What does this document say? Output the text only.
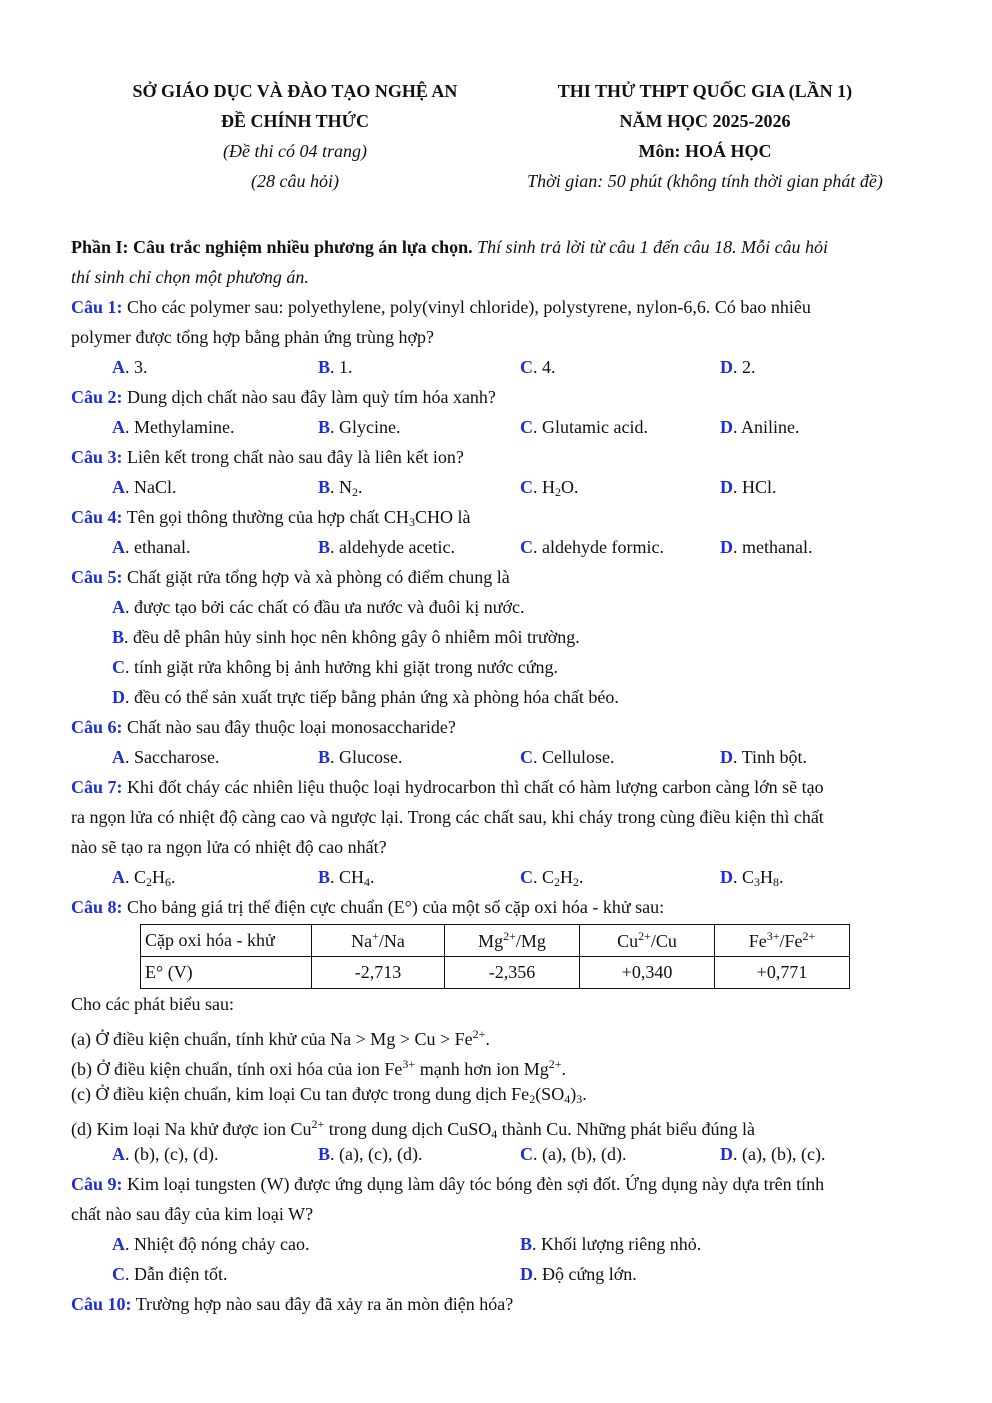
SỞ GIÁO DỤC VÀ ĐÀO TẠO NGHỆ AN
ĐỀ CHÍNH THỨC
(Đề thi có 04 trang)
(28 câu hỏi)
THI THỬ THPT QUỐC GIA (LẦN 1)
NĂM HỌC 2025-2026
Môn: HOÁ HỌC
Thời gian: 50 phút (không tính thời gian phát đề)
Phần I: Câu trắc nghiệm nhiều phương án lựa chọn. Thí sinh trả lời từ câu 1 đến câu 18. Mỗi câu hỏi
thí sinh chỉ chọn một phương án.
Câu 1: Cho các polymer sau: polyethylene, poly(vinyl chloride), polystyrene, nylon-6,6. Có bao nhiêu
polymer được tổng hợp bằng phản ứng trùng hợp?
A. 3.	B. 1.	C. 4.	D. 2.
Câu 2: Dung dịch chất nào sau đây làm quỳ tím hóa xanh?
A. Methylamine.	B. Glycine.	C. Glutamic acid.	D. Aniline.
Câu 3: Liên kết trong chất nào sau đây là liên kết ion?
A. NaCl.	B. $N_2$.	C. $H_2O$.	D. HCl.
Câu 4: Tên gọi thông thường của hợp chất $CH_3CHO$ là
A. ethanal.	B. aldehyde acetic.	C. aldehyde formic.	D. methanal.
Câu 5: Chất giặt rửa tổng hợp và xà phòng có điểm chung là
A. được tạo bởi các chất có đầu ưa nước và đuôi kị nước.
B. đều dễ phân hủy sinh học nên không gây ô nhiễm môi trường.
C. tính giặt rửa không bị ảnh hưởng khi giặt trong nước cứng.
D. đều có thể sản xuất trực tiếp bằng phản ứng xà phòng hóa chất béo.
Câu 6: Chất nào sau đây thuộc loại monosaccharide?
A. Saccharose.	B. Glucose.	C. Cellulose.	D. Tinh bột.
Câu 7: Khi đốt cháy các nhiên liệu thuộc loại hydrocarbon thì chất có hàm lượng carbon càng lớn sẽ tạo
ra ngọn lửa có nhiệt độ càng cao và ngược lại. Trong các chất sau, khi cháy trong cùng điều kiện thì chất
nào sẽ tạo ra ngọn lửa có nhiệt độ cao nhất?
A. $C_2H_6$.	B. $CH_4$.	C. $C_2H_2$.	D. $C_3H_8$.
Câu 8: Cho bảng giá trị thế điện cực chuẩn (E°) của một số cặp oxi hóa - khử sau:
Cặp oxi hóa - khử	Na+/Na	$Mg^{2+}/Mg$	$Cu^{2+}/Cu$	$Fe^{3+}/Fe^{2+}$
E° (V)	-2,713	-2,356	+0,340	+0,771
Cho các phát biểu sau:
(a) Ở điều kiện chuẩn, tính khử của $Na > Mg > Cu > Fe^{2+}$.
(b) Ở điều kiện chuẩn, tính oxi hóa của ion $Fe^{3+}$ mạnh hơn ion $Mg^{2+}$.
(c) Ở điều kiện chuẩn, kim loại Cu tan được trong dung dịch $Fe_2(SO_4)_3$.
(d) Kim loại Na khử được ion $Cu^{2+}$ trong dung dịch CuSO$_4$ thành Cu. Những phát biểu đúng là
A. (b), (c), (d).	B. (a), (c), (d).	C. (a), (b), (d).	D. (a), (b), (c).
Câu 9: Kim loại tungsten (W) được ứng dụng làm dây tóc bóng đèn sợi đốt. Ứng dụng này dựa trên tính
chất nào sau đây của kim loại W?
A. Nhiệt độ nóng chảy cao.	B. Khối lượng riêng nhỏ.
C. Dẫn điện tốt.	D. Độ cứng lớn.
Câu 10: Trường hợp nào sau đây đã xảy ra ăn mòn điện hóa?
